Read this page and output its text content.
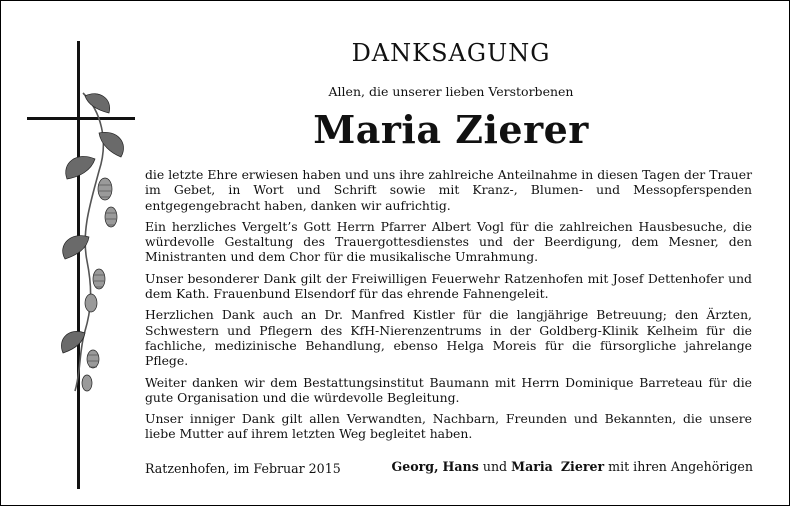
DANKSAGUNG
Allen, die unserer lieben Verstorbenen
Maria Zierer

die letzte Ehre erwiesen haben und uns ihre zahlreiche Anteilnahme in diesen Tagen der Trauer im Gebet, in Wort und Schrift sowie mit Kranz-, Blumen- und Messopferspenden entgegengebracht haben, danken wir aufrichtig.

Ein herzliches Vergelt’s Gott Herrn Pfarrer Albert Vogl für die zahlreichen Hausbesuche, die würdevolle Gestaltung des Trauergottesdienstes und der Beerdigung, dem Mesner, den Ministranten und dem Chor für die musikalische Umrahmung.

Unser besonderer Dank gilt der Freiwilligen Feuerwehr Ratzenhofen mit Josef Dettenhofer und dem Kath. Frauenbund Elsendorf für das ehrende Fahnengeleit.

Herzlichen Dank auch an Dr. Manfred Kistler für die langjährige Betreuung; den Ärzten, Schwestern und Pflegern des KfH-Nierenzentrums in der Goldberg-Klinik Kelheim für die fachliche, medizinische Behandlung, ebenso Helga Moreis für die fürsorgliche jahrelange Pflege.

Weiter danken wir dem Bestattungsinstitut Baumann mit Herrn Dominique Barreteau für die gute Organisation und die würdevolle Begleitung.

Unser inniger Dank gilt allen Verwandten, Nachbarn, Freunden und Bekannten, die unsere liebe Mutter auf ihrem letzten Weg begleitet haben.

Ratzenhofen, im Februar 2015	Georg, Hans und Maria Zierer mit ihren Angehörigen
